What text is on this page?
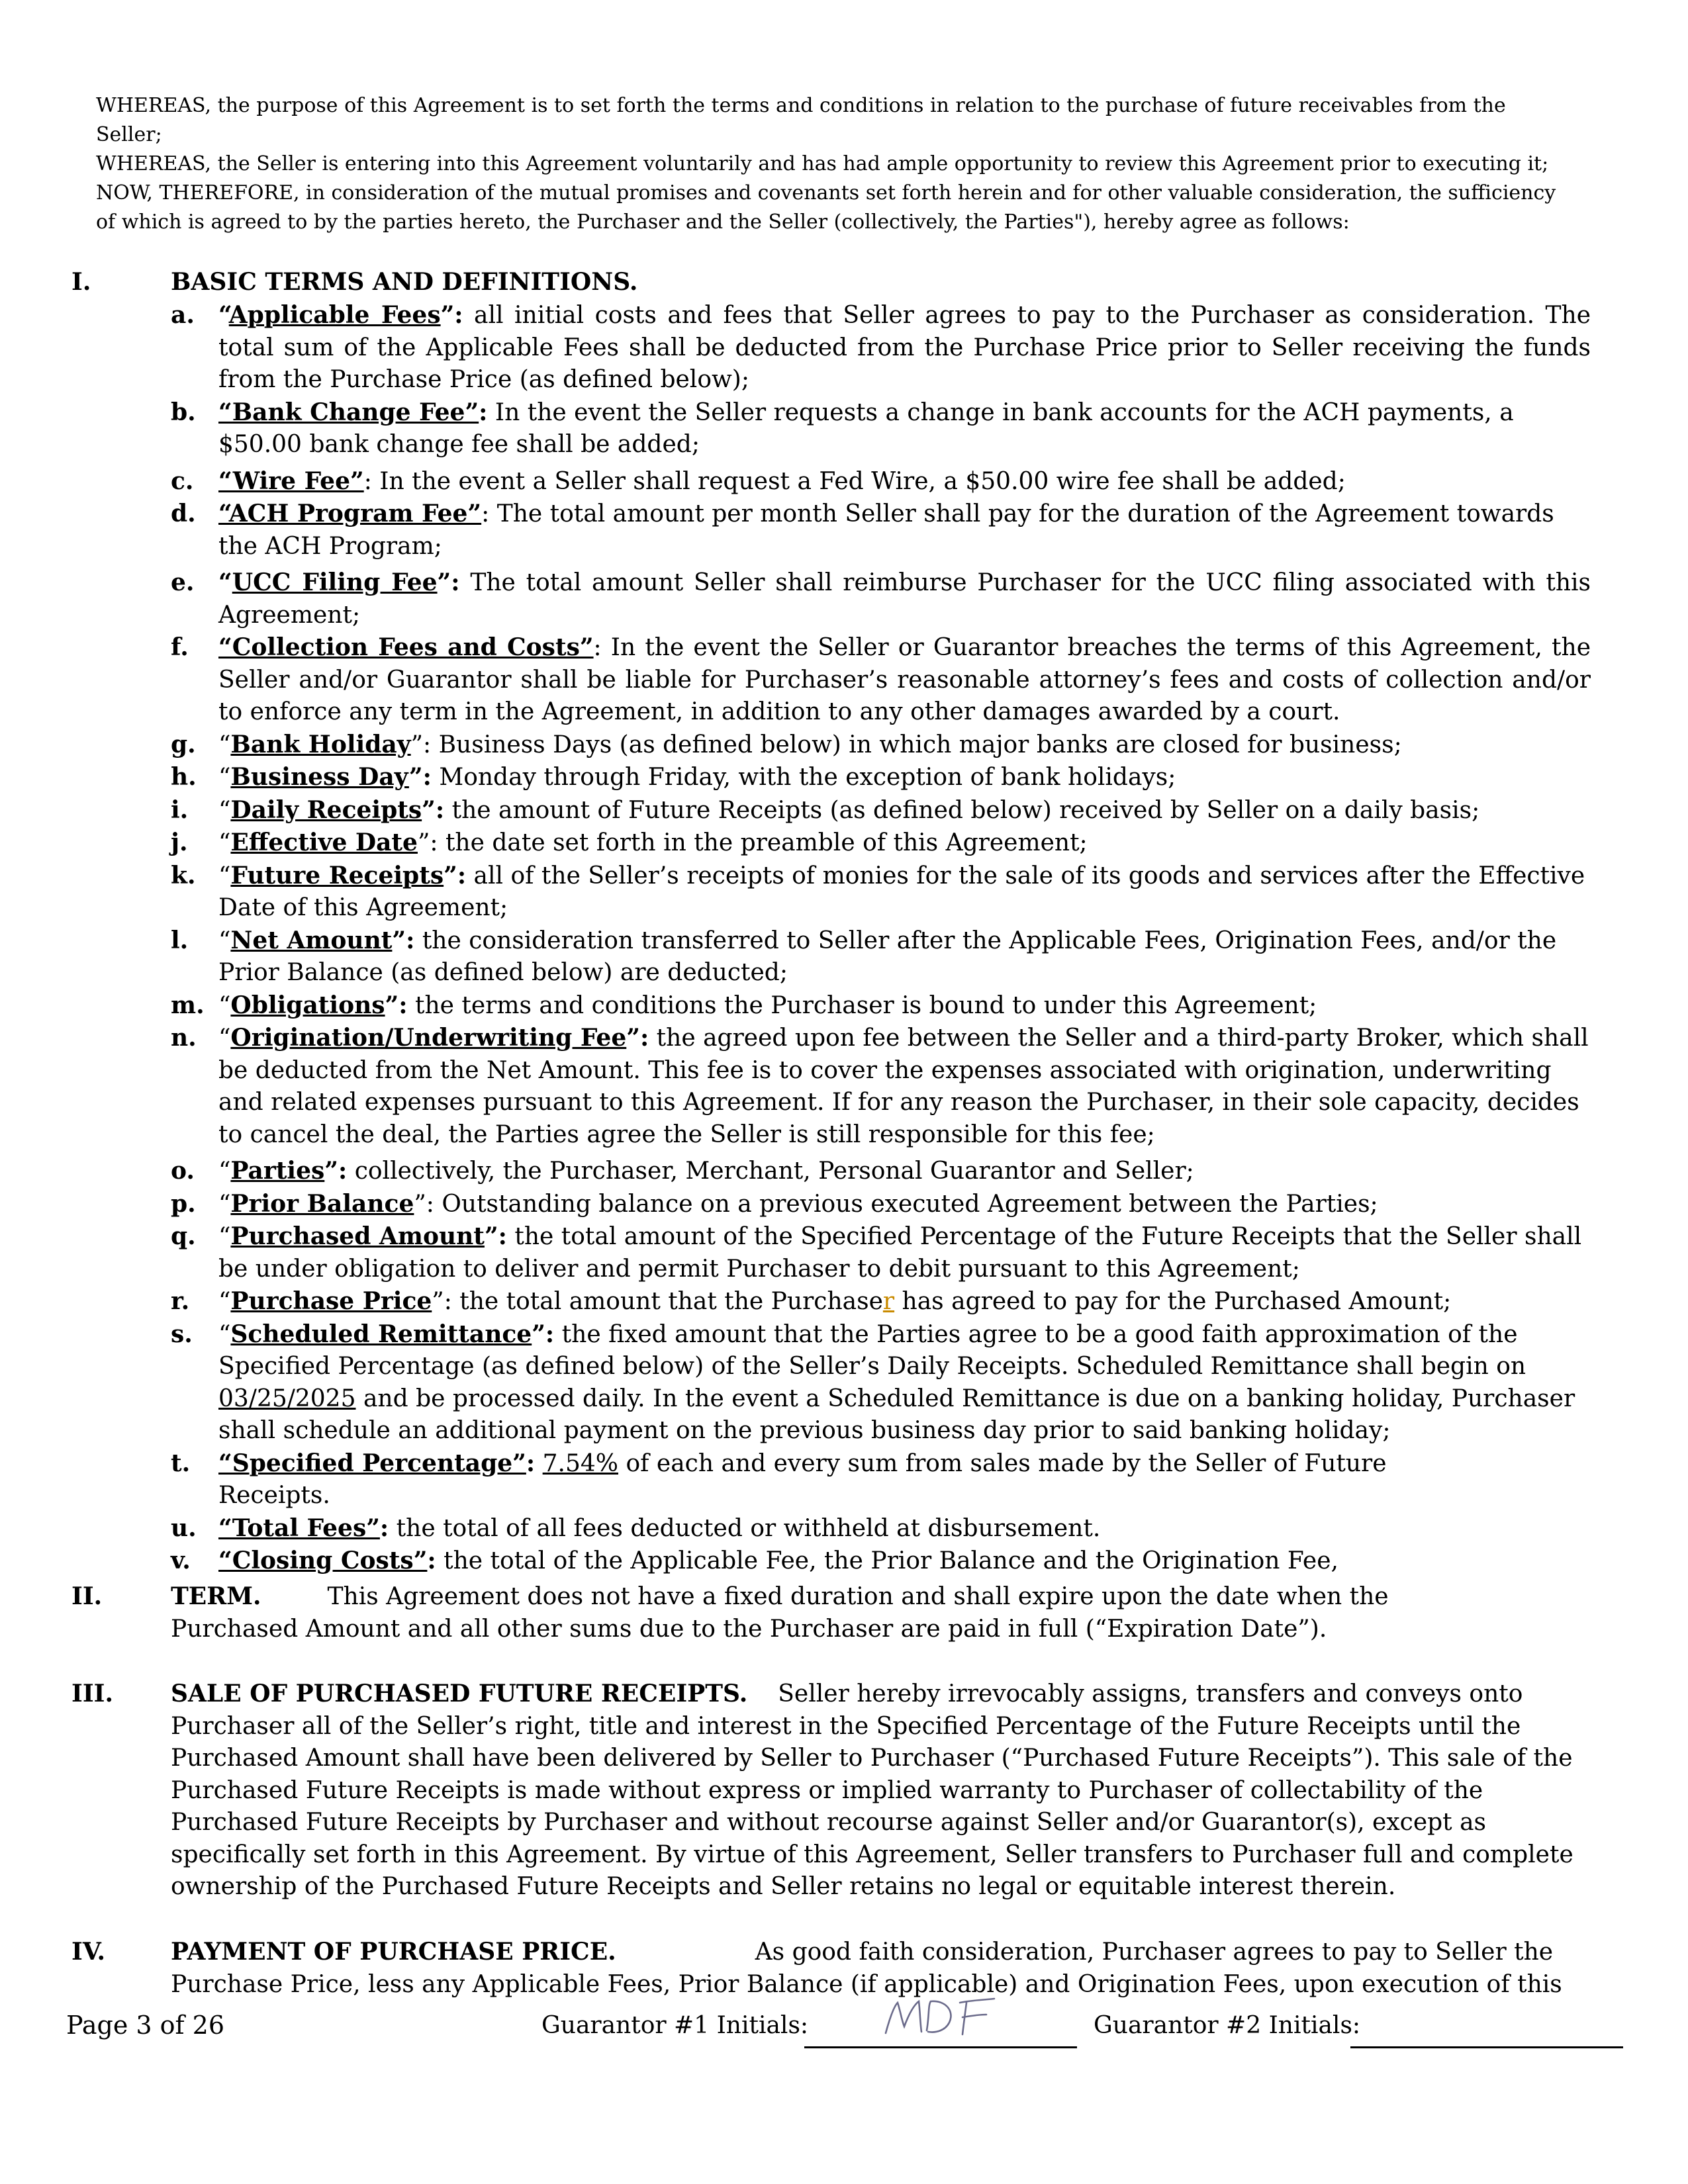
WHEREAS, the purpose of this Agreement is to set forth the terms and conditions in relation to the purchase of future receivables from the Seller;

WHEREAS, the Seller is entering into this Agreement voluntarily and has had ample opportunity to review this Agreement prior to executing it;

NOW, THEREFORE, in consideration of the mutual promises and covenants set forth herein and for other valuable consideration, the sufficiency of which is agreed to by the parties hereto, the Purchaser and the Seller (collectively, the Parties"), hereby agree as follows:

I.	BASIC TERMS AND DEFINITIONS.
a. “Applicable Fees”: all initial costs and fees that Seller agrees to pay to the Purchaser as consideration. The total sum of the Applicable Fees shall be deducted from the Purchase Price prior to Seller receiving the funds from the Purchase Price (as defined below);
b. “Bank Change Fee”: In the event the Seller requests a change in bank accounts for the ACH payments, a $50.00 bank change fee shall be added;
c. “Wire Fee”: In the event a Seller shall request a Fed Wire, a $50.00 wire fee shall be added;
d. “ACH Program Fee”: The total amount per month Seller shall pay for the duration of the Agreement towards the ACH Program;
e. “UCC Filing Fee”: The total amount Seller shall reimburse Purchaser for the UCC filing associated with this Agreement;
f. “Collection Fees and Costs”: In the event the Seller or Guarantor breaches the terms of this Agreement, the Seller and/or Guarantor shall be liable for Purchaser’s reasonable attorney’s fees and costs of collection and/or to enforce any term in the Agreement, in addition to any other damages awarded by a court.
g. “Bank Holiday”: Business Days (as defined below) in which major banks are closed for business;
h. “Business Day”: Monday through Friday, with the exception of bank holidays;
i. “Daily Receipts”: the amount of Future Receipts (as defined below) received by Seller on a daily basis;
j. “Effective Date”: the date set forth in the preamble of this Agreement;
k. “Future Receipts”: all of the Seller’s receipts of monies for the sale of its goods and services after the Effective Date of this Agreement;
l. “Net Amount”: the consideration transferred to Seller after the Applicable Fees, Origination Fees, and/or the Prior Balance (as defined below) are deducted;
m. “Obligations”: the terms and conditions the Purchaser is bound to under this Agreement;
n. “Origination/Underwriting Fee”: the agreed upon fee between the Seller and a third-party Broker, which shall be deducted from the Net Amount. This fee is to cover the expenses associated with origination, underwriting and related expenses pursuant to this Agreement. If for any reason the Purchaser, in their sole capacity, decides to cancel the deal, the Parties agree the Seller is still responsible for this fee;
o. “Parties”: collectively, the Purchaser, Merchant, Personal Guarantor and Seller;
p. “Prior Balance”: Outstanding balance on a previous executed Agreement between the Parties;
q. “Purchased Amount”: the total amount of the Specified Percentage of the Future Receipts that the Seller shall be under obligation to deliver and permit Purchaser to debit pursuant to this Agreement;
r. “Purchase Price”: the total amount that the Purchaser has agreed to pay for the Purchased Amount;
s. “Scheduled Remittance”: the fixed amount that the Parties agree to be a good faith approximation of the Specified Percentage (as defined below) of the Seller’s Daily Receipts. Scheduled Remittance shall begin on 03/25/2025 and be processed daily. In the event a Scheduled Remittance is due on a banking holiday, Purchaser shall schedule an additional payment on the previous business day prior to said banking holiday;
t. “Specified Percentage”: 7.54% of each and every sum from sales made by the Seller of Future Receipts.
u. “Total Fees”: the total of all fees deducted or withheld at disbursement.
v. “Closing Costs”: the total of the Applicable Fee, the Prior Balance and the Origination Fee,
II.	TERM.	This Agreement does not have a fixed duration and shall expire upon the date when the Purchased Amount and all other sums due to the Purchaser are paid in full (“Expiration Date”).
III. SALE OF PURCHASED FUTURE RECEIPTS. Seller hereby irrevocably assigns, transfers and conveys onto Purchaser all of the Seller’s right, title and interest in the Specified Percentage of the Future Receipts until the Purchased Amount shall have been delivered by Seller to Purchaser (“Purchased Future Receipts”). This sale of the Purchased Future Receipts is made without express or implied warranty to Purchaser of collectability of the Purchased Future Receipts by Purchaser and without recourse against Seller and/or Guarantor(s), except as specifically set forth in this Agreement. By virtue of this Agreement, Seller transfers to Purchaser full and complete ownership of the Purchased Future Receipts and Seller retains no legal or equitable interest therein.
IV.	PAYMENT OF PURCHASE PRICE.	As good faith consideration, Purchaser agrees to pay to Seller the Purchase Price, less any Applicable Fees, Prior Balance (if applicable) and Origination Fees, upon execution of this
Page 3 of 26	Guarantor #1 Initials:	Guarantor #2 Initials:
